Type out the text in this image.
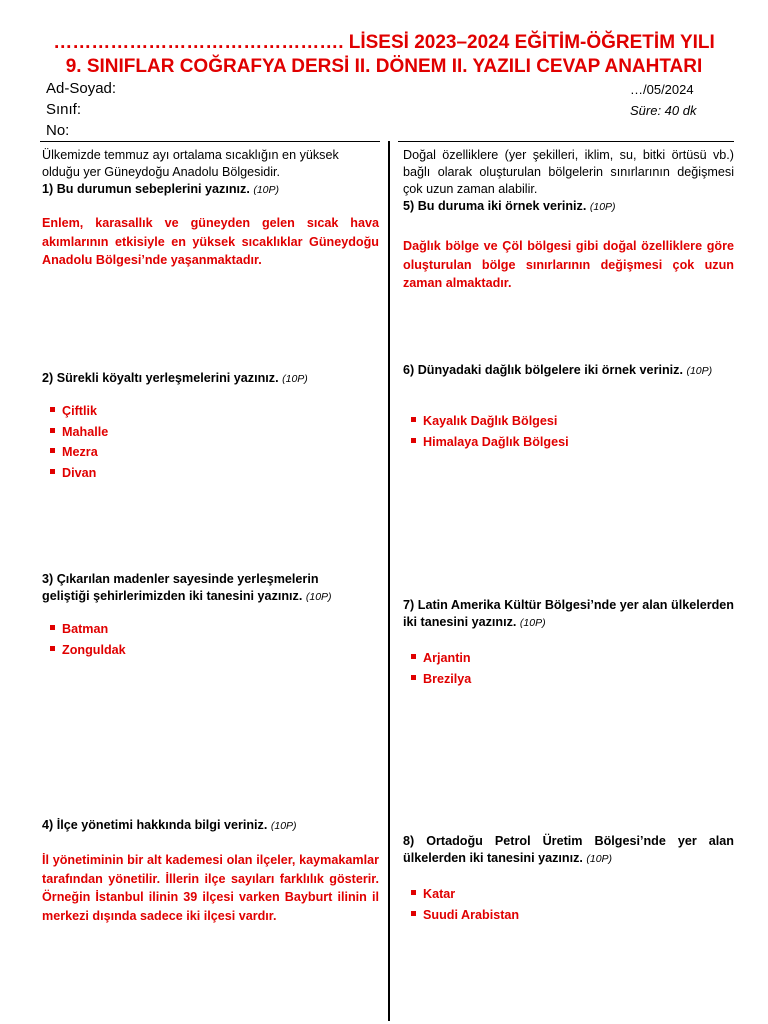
………………………………………. LİSESİ 2023–2024 EĞİTİM-ÖĞRETİM YILI
9. SINIFLAR COĞRAFYA DERSİ II. DÖNEM II. YAZILI CEVAP ANAHTARI
Ad-Soyad:
Sınıf:
No:
…/05/2024
Süre: 40 dk
Ülkemizde temmuz ayı ortalama sıcaklığın en yüksek olduğu yer Güneydoğu Anadolu Bölgesidir.
1) Bu durumun sebeplerini yazınız. (10P)
Enlem, karasallık ve güneyden gelen sıcak hava akımlarının etkisiyle en yüksek sıcaklıklar Güneydoğu Anadolu Bölgesi’nde yaşanmaktadır.
2) Sürekli köyaltı yerleşmelerini yazınız. (10P)
Çiftlik
Mahalle
Mezra
Divan
3) Çıkarılan madenler sayesinde yerleşmelerin geliştiği şehirlerimizden iki tanesini yazınız. (10P)
Batman
Zonguldak
4) İlçe yönetimi hakkında bilgi veriniz. (10P)
İl yönetiminin bir alt kademesi olan ilçeler, kaymakamlar tarafından yönetilir. İllerin ilçe sayıları farklılık gösterir. Örneğin İstanbul ilinin 39 ilçesi varken Bayburt ilinin il merkezi dışında sadece iki ilçesi vardır.
Doğal özelliklere (yer şekilleri, iklim, su, bitki örtüsü vb.) bağlı olarak oluşturulan bölgelerin sınırlarının değişmesi çok uzun zaman alabilir.
5) Bu duruma iki örnek veriniz. (10P)
Dağlık bölge ve Çöl bölgesi gibi doğal özelliklere göre oluşturulan bölge sınırlarının değişmesi çok uzun zaman almaktadır.
6) Dünyadaki dağlık bölgelere iki örnek veriniz. (10P)
Kayalık Dağlık Bölgesi
Himalaya Dağlık Bölgesi
7) Latin Amerika Kültür Bölgesi’nde yer alan ülkelerden iki tanesini yazınız. (10P)
Arjantin
Brezilya
8) Ortadoğu Petrol Üretim Bölgesi’nde yer alan ülkelerden iki tanesini yazınız. (10P)
Katar
Suudi Arabistan
